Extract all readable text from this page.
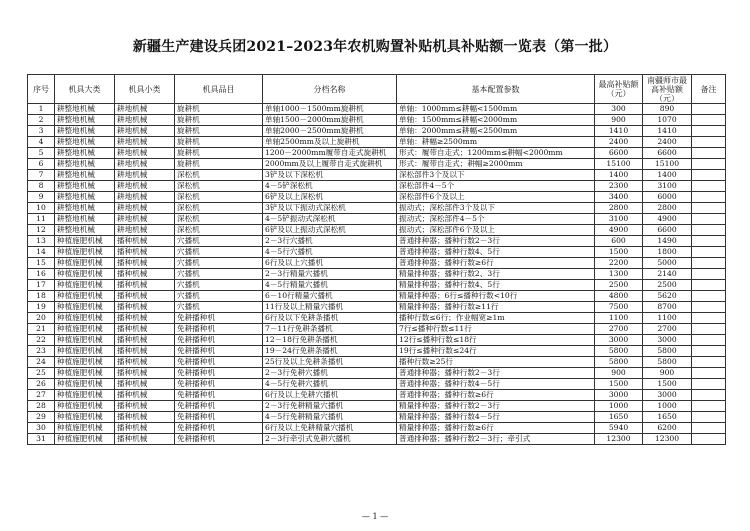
新疆生产建设兵团2021–2023年农机购置补贴机具补贴额一览表（第一批）
序号	机具大类	机具小类	机具品目	分档名称	基本配置参数	最高补贴额（元）	南疆师市最高补贴额（元）	备注
1	耕整地机械	耕地机械	旋耕机	单轴1000－1500mm旋耕机	单轴：1000mm≤耕幅<1500mm	300	890	
2	耕整地机械	耕地机械	旋耕机	单轴1500－2000mm旋耕机	单轴：1500mm≤耕幅<2000mm	900	1070	
3	耕整地机械	耕地机械	旋耕机	单轴2000－2500mm旋耕机	单轴：2000mm≤耕幅<2500mm	1410	1410	
4	耕整地机械	耕地机械	旋耕机	单轴2500mm及以上旋耕机	单轴：耕幅≥2500mm	2400	2400	
5	耕整地机械	耕地机械	旋耕机	1200－2000mm履带自走式旋耕机	形式：履带自走式；1200mm≤耕幅<2000mm	6600	6600	
6	耕整地机械	耕地机械	旋耕机	2000mm及以上履带自走式旋耕机	形式：履带自走式；耕幅≥2000mm	15100	15100	
7	耕整地机械	耕地机械	深松机	3铲及以下深松机	深松部件3个及以下	1400	1400	
8	耕整地机械	耕地机械	深松机	4－5铲深松机	深松部件4－5个	2300	3100	
9	耕整地机械	耕地机械	深松机	6铲及以上深松机	深松部件6个及以上	3400	6000	
10	耕整地机械	耕地机械	深松机	3铲及以下振动式深松机	振动式；深松部件3个及以下	2800	2800	
11	耕整地机械	耕地机械	深松机	4－5铲振动式深松机	振动式；深松部件4－5个	3100	4900	
12	耕整地机械	耕地机械	深松机	6铲及以上振动式深松机	振动式；深松部件6个及以上	4900	6600	
13	种植施肥机械	播种机械	穴播机	2－3行穴播机	普通排种器；播种行数2－3行	600	1490	
14	种植施肥机械	播种机械	穴播机	4－5行穴播机	普通排种器；播种行数4、5行	1500	1800	
15	种植施肥机械	播种机械	穴播机	6行及以上穴播机	普通排种器；播种行数≥6行	2200	5000	
16	种植施肥机械	播种机械	穴播机	2－3行精量穴播机	精量排种器；播种行数2、3行	1300	2140	
17	种植施肥机械	播种机械	穴播机	4－5行精量穴播机	精量排种器；播种行数4、5行	2500	2500	
18	种植施肥机械	播种机械	穴播机	6－10行精量穴播机	精量排种器；6行≤播种行数<10行	4800	5620	
19	种植施肥机械	播种机械	穴播机	11行及以上精量穴播机	精量排种器；播种行数≥11行	7500	8700	
20	种植施肥机械	播种机械	免耕播种机	6行及以下免耕条播机	播种行数≤6行；作业幅宽≥1m	1100	1100	
21	种植施肥机械	播种机械	免耕播种机	7－11行免耕条播机	7行≤播种行数≤11行	2700	2700	
22	种植施肥机械	播种机械	免耕播种机	12－18行免耕条播机	12行≤播种行数≤18行	3000	3000	
23	种植施肥机械	播种机械	免耕播种机	19－24行免耕条播机	19行≤播种行数≤24行	5800	5800	
24	种植施肥机械	播种机械	免耕播种机	25行及以上免耕条播机	播种行数≥25行	5800	5800	
25	种植施肥机械	播种机械	免耕播种机	2－3行免耕穴播机	普通排种器；播种行数2－3行	900	900	
26	种植施肥机械	播种机械	免耕播种机	4－5行免耕穴播机	普通排种器；播种行数4－5行	1500	1500	
27	种植施肥机械	播种机械	免耕播种机	6行及以上免耕穴播机	普通排种器；播种行数≥6行	3000	3000	
28	种植施肥机械	播种机械	免耕播种机	2－3行免耕精量穴播机	精量排种器；播种行数2－3行	1000	1000	
29	种植施肥机械	播种机械	免耕播种机	4－5行免耕精量穴播机	精量排种器；播种行数4－5行	1650	1650	
30	种植施肥机械	播种机械	免耕播种机	6行及以上免耕精量穴播机	精量排种器；播种行数≥6行	5940	6200	
31	种植施肥机械	播种机械	免耕播种机	2－3行牵引式免耕穴播机	普通排种器；播种行数2－3行；牵引式	12300	12300	
— 1 —
